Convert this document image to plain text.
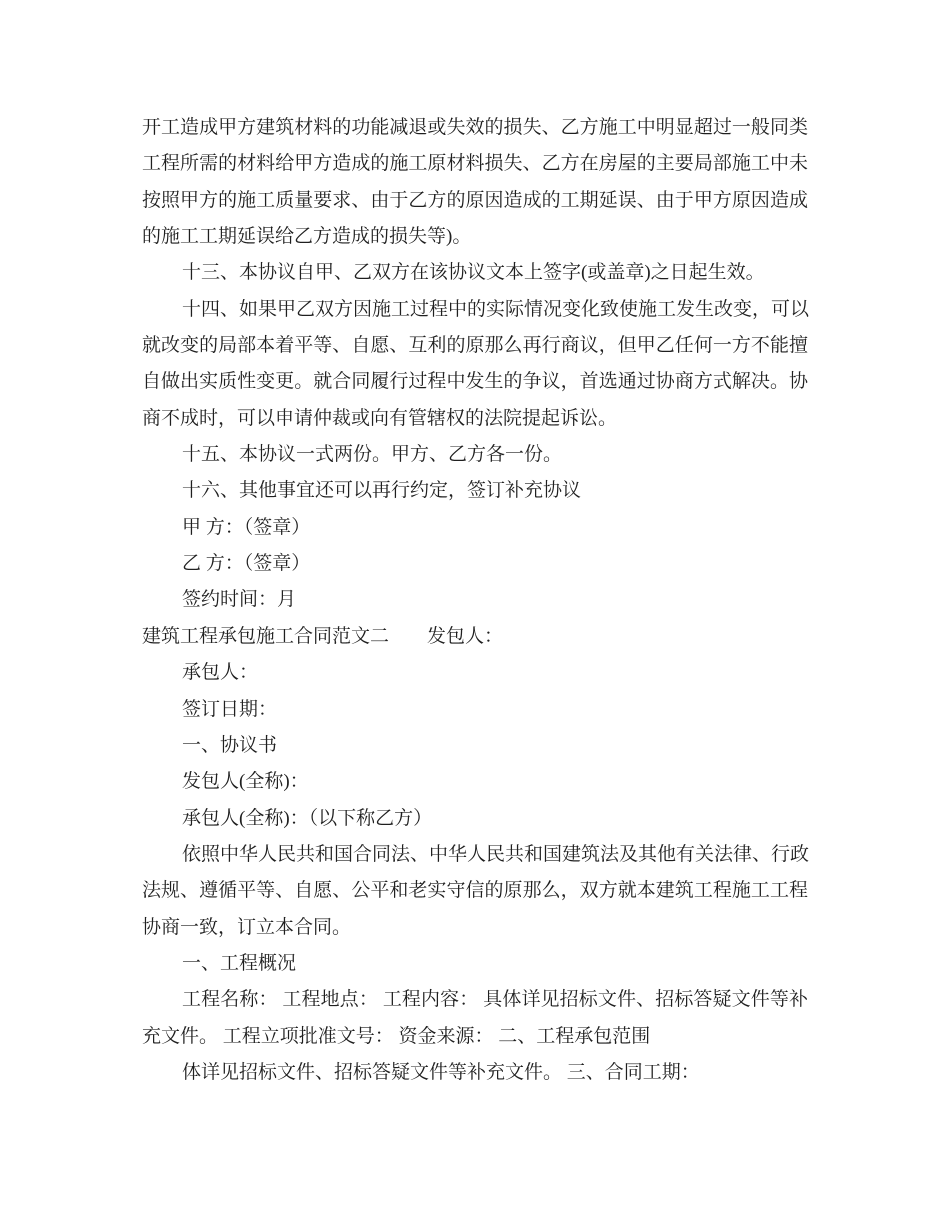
开工造成甲方建筑材料的功能减退或失效的损失、乙方施工中明显超过一般同类
工程所需的材料给甲方造成的施工原材料损失、乙方在房屋的主要局部施工中未
按照甲方的施工质量要求、由于乙方的原因造成的工期延误、由于甲方原因造成
的施工工期延误给乙方造成的损失等)。
十三、本协议自甲、乙双方在该协议文本上签字(或盖章)之日起生效。
十四、如果甲乙双方因施工过程中的实际情况变化致使施工发生改变，可以
就改变的局部本着平等、自愿、互利的原那么再行商议，但甲乙任何一方不能擅
自做出实质性变更。就合同履行过程中发生的争议，首选通过协商方式解决。协
商不成时，可以申请仲裁或向有管辖权的法院提起诉讼。
十五、本协议一式两份。甲方、乙方各一份。
十六、其他事宜还可以再行约定，签订补充协议
甲 方：（签章）
乙 方：（签章）
签约时间：月
建筑工程承包施工合同范文二　　发包人：
承包人：
签订日期：
一、协议书
发包人(全称)：
承包人(全称)：（以下称乙方）
依照中华人民共和国合同法、中华人民共和国建筑法及其他有关法律、行政
法规、遵循平等、自愿、公平和老实守信的原那么，双方就本建筑工程施工工程
协商一致，订立本合同。
一、工程概况
工程名称： 工程地点： 工程内容： 具体详见招标文件、招标答疑文件等补
充文件。 工程立项批准文号： 资金来源： 二、工程承包范围
体详见招标文件、招标答疑文件等补充文件。 三、合同工期：
